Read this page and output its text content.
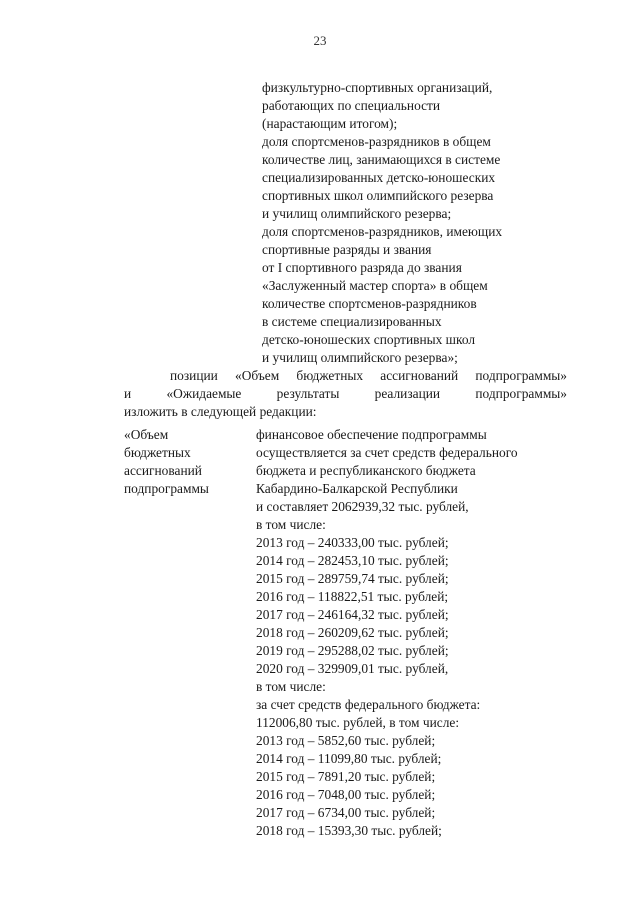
23
физкультурно-спортивных организаций,
работающих по специальности
(нарастающим итогом);
доля спортсменов-разрядников в общем
количестве лиц, занимающихся в системе
специализированных детско-юношеских
спортивных школ олимпийского резерва
и училищ олимпийского резерва;
доля спортсменов-разрядников, имеющих
спортивные разряды и звания
от I спортивного разряда до звания
«Заслуженный мастер спорта» в общем
количестве спортсменов-разрядников
в системе специализированных
детско-юношеских спортивных школ
и училищ олимпийского резерва»;
позиции «Объем бюджетных ассигнований подпрограммы»
и «Ожидаемые результаты реализации подпрограммы»
изложить в следующей редакции:
«Объем
бюджетных
ассигнований
подпрограммы
финансовое обеспечение подпрограммы
осуществляется за счет средств федерального
бюджета и республиканского бюджета
Кабардино-Балкарской Республики
и составляет 2062939,32 тыс. рублей,
в том числе:
2013 год – 240333,00 тыс. рублей;
2014 год – 282453,10 тыс. рублей;
2015 год – 289759,74 тыс. рублей;
2016 год – 118822,51 тыс. рублей;
2017 год – 246164,32 тыс. рублей;
2018 год – 260209,62 тыс. рублей;
2019 год – 295288,02 тыс. рублей;
2020 год – 329909,01 тыс. рублей,
в том числе:
за счет средств федерального бюджета:
112006,80 тыс. рублей, в том числе:
2013 год – 5852,60 тыс. рублей;
2014 год – 11099,80 тыс. рублей;
2015 год – 7891,20 тыс. рублей;
2016 год – 7048,00 тыс. рублей;
2017 год – 6734,00 тыс. рублей;
2018 год – 15393,30 тыс. рублей;
